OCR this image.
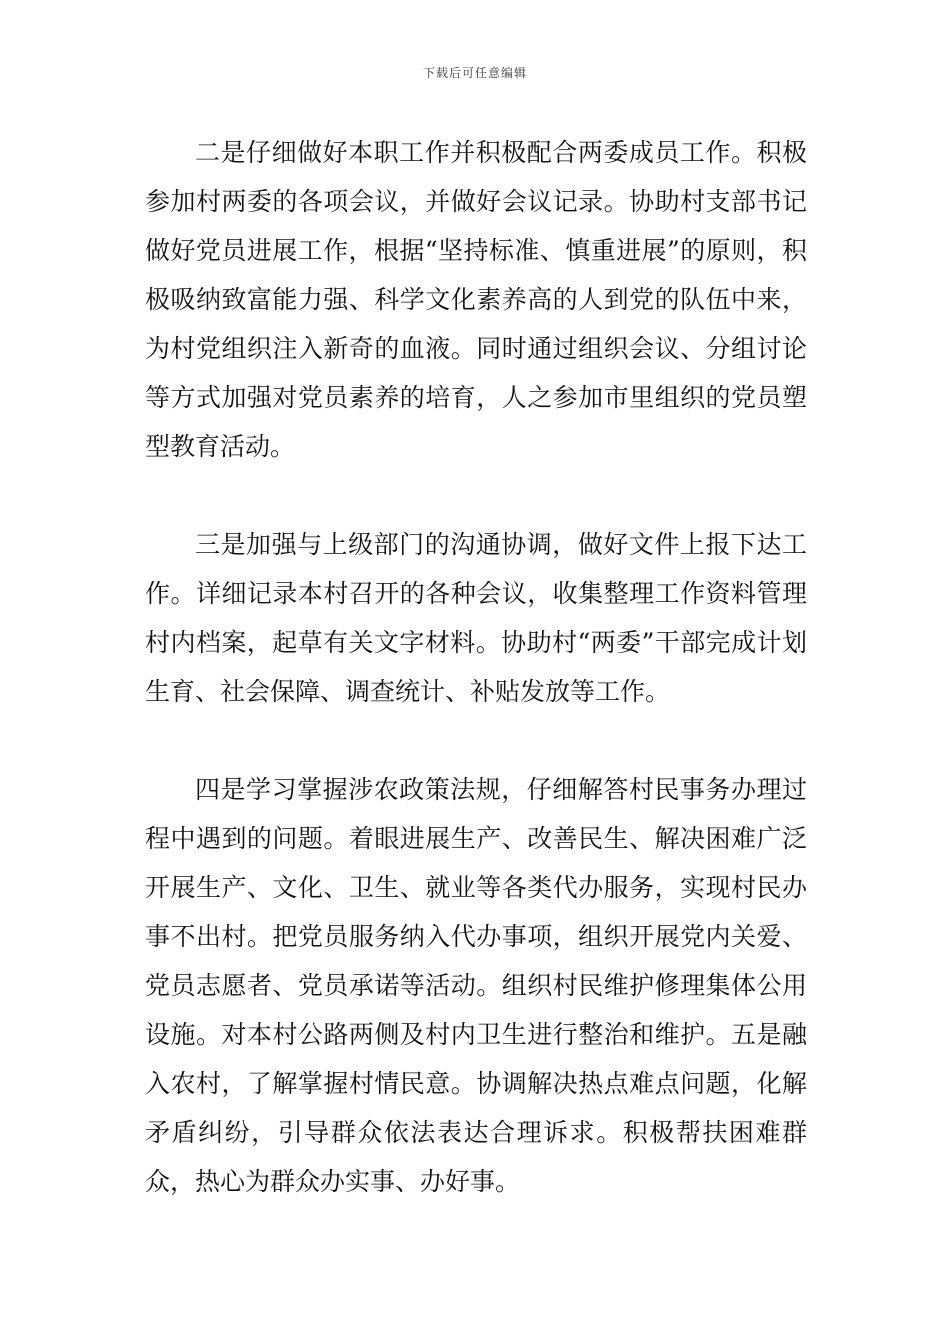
下载后可任意编辑

二是仔细做好本职工作并积极配合两委成员工作。积极参加村两委的各项会议，并做好会议记录。协助村支部书记做好党员进展工作，根据“坚持标准、慎重进展”的原则，积极吸纳致富能力强、科学文化素养高的人到党的队伍中来，为村党组织注入新奇的血液。同时通过组织会议、分组讨论等方式加强对党员素养的培育，人之参加市里组织的党员塑型教育活动。

三是加强与上级部门的沟通协调，做好文件上报下达工作。详细记录本村召开的各种会议，收集整理工作资料管理村内档案，起草有关文字材料。协助村“两委”干部完成计划生育、社会保障、调查统计、补贴发放等工作。

四是学习掌握涉农政策法规，仔细解答村民事务办理过程中遇到的问题。着眼进展生产、改善民生、解决困难广泛开展生产、文化、卫生、就业等各类代办服务，实现村民办事不出村。把党员服务纳入代办事项，组织开展党内关爱、党员志愿者、党员承诺等活动。组织村民维护修理集体公用设施。对本村公路两侧及村内卫生进行整治和维护。五是融入农村，了解掌握村情民意。协调解决热点难点问题，化解矛盾纠纷，引导群众依法表达合理诉求。积极帮扶困难群众，热心为群众办实事、办好事。
